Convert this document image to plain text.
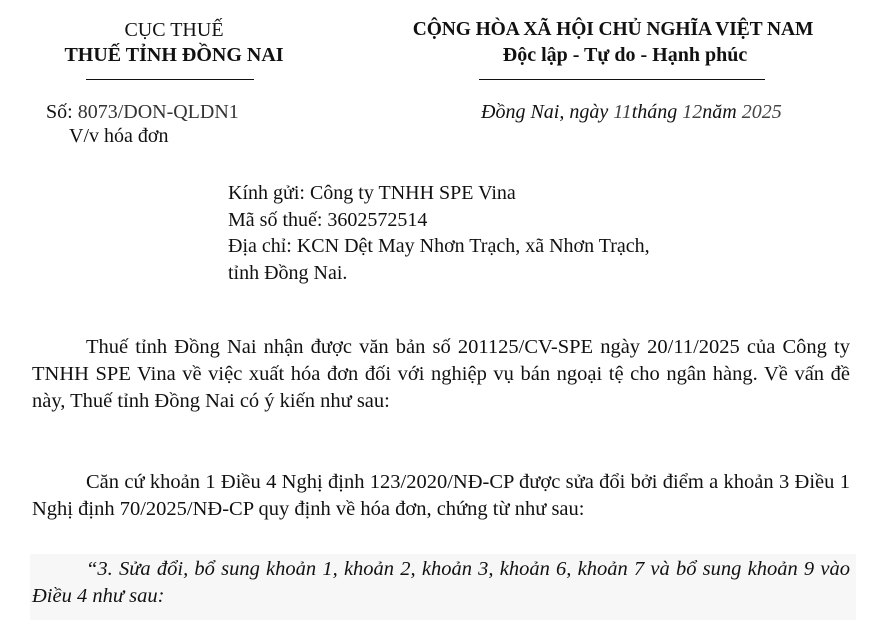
CỤC THUẾ
THUẾ TỈNH ĐỒNG NAI
Số: 8073/DON-QLDN1
V/v hóa đơn
CỘNG HÒA XÃ HỘI CHỦ NGHĨA VIỆT NAM
Độc lập - Tự do - Hạnh phúc
Đồng Nai, ngày 11tháng 12năm 2025
Kính gửi: Công ty TNHH SPE Vina
Mã số thuế: 3602572514
Địa chỉ: KCN Dệt May Nhơn Trạch, xã Nhơn Trạch,
tỉnh Đồng Nai.

Thuế tỉnh Đồng Nai nhận được văn bản số 201125/CV-SPE ngày 20/11/2025 của Công ty TNHH SPE Vina về việc xuất hóa đơn đối với nghiệp vụ bán ngoại tệ cho ngân hàng. Về vấn đề này, Thuế tỉnh Đồng Nai có ý kiến như sau:

Căn cứ khoản 1 Điều 4 Nghị định 123/2020/NĐ-CP được sửa đổi bởi điểm a khoản 3 Điều 1 Nghị định 70/2025/NĐ-CP quy định về hóa đơn, chứng từ như sau:

“3. Sửa đổi, bổ sung khoản 1, khoản 2, khoản 3, khoản 6, khoản 7 và bổ sung khoản 9 vào Điều 4 như sau:
